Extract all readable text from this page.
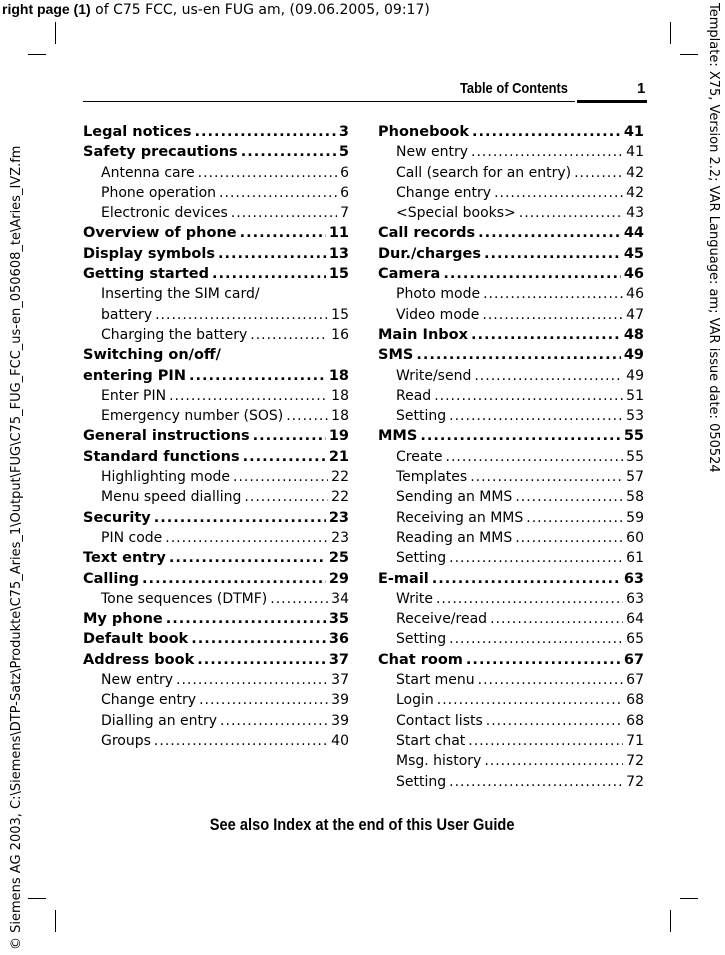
right page (1) of C75 FCC, us-en FUG am, (09.06.2005, 09:17)	Template: X75, Version 2.2; VAR Language: am; VAR issue date: 050524
© Siemens AG 2003, C:\Siemens\DTP-Satz\Produkte\C75_Aries_1\Output\FUG\C75_FUG_FCC_us-en_050608_te\Aries_IVZ.fm
Table of Contents	1
Legal notices .....	3
Safety precautions .....	5
Antenna care .....	6
Phone operation .....	6
Electronic devices .....	7
Overview of phone .....	11
Display symbols .....	13
Getting started .....	15
Inserting the SIM card/
battery .....	15
Charging the battery .....	16
Switching on/off/
entering PIN .....	18
Enter PIN .....	18
Emergency number (SOS) .....	18
General instructions .....	19
Standard functions .....	21
Highlighting mode .....	22
Menu speed dialling .....	22
Security .....	23
PIN code .....	23
Text entry .....	25
Calling .....	29
Tone sequences (DTMF) .....	34
My phone .....	35
Default book .....	36
Address book .....	37
New entry .....	37
Change entry .....	39
Dialling an entry .....	39
Groups .....	40
Phonebook .....	41
New entry .....	41
Call (search for an entry) .....	42
Change entry .....	42
<Special books> .....	43
Call records .....	44
Dur./charges .....	45
Camera .....	46
Photo mode .....	46
Video mode .....	47
Main Inbox .....	48
SMS .....	49
Write/send .....	49
Read .....	51
Setting .....	53
MMS .....	55
Create .....	55
Templates .....	57
Sending an MMS .....	58
Receiving an MMS .....	59
Reading an MMS .....	60
Setting .....	61
E-mail .....	63
Write .....	63
Receive/read .....	64
Setting .....	65
Chat room .....	67
Start menu .....	67
Login .....	68
Contact lists .....	68
Start chat .....	71
Msg. history .....	72
Setting .....	72
See also Index at the end of this User Guide
